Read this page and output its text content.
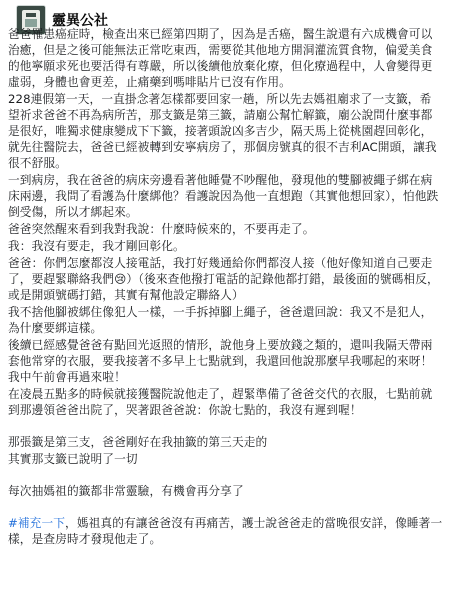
靈異公社
爸爸罹患癌症時，檢查出來已經第四期了，因為是舌癌，醫生說還有六成機會可以治癒，但是之後可能無法正常吃東西，需要從其他地方開洞灌流質食物，偏愛美食的他寧願求死也要活得有尊嚴，所以後續他放棄化療，但化療過程中，人會變得更虛弱，身體也會更差，止痛藥到嗎啡貼片已沒有作用。
228連假第一天，一直掛念著怎樣都要回家一趟，所以先去媽祖廟求了一支籤，希望祈求爸爸不再為病所苦，那支籤是第三籤，請廟公幫忙解籤，廟公說問什麼事都是很好，唯獨求健康變成下下籤，接著頭說凶多吉少，隔天馬上從桃園趕回彰化，就先往醫院去，爸爸已經被轉到安寧病房了，那個房號真的很不吉利AC開頭，讓我很不舒服。
一到病房，我在爸爸的病床旁邊看著他睡覺不吵醒他，發現他的雙腳被繩子綁在病床兩邊，我問了看護為什麼綁他？看護說因為他一直想跑（其實他想回家），怕他跌倒受傷，所以才綁起來。
爸爸突然醒來看到我對我說：什麼時候來的，不要再走了。
我：我沒有要走，我才剛回彰化。
爸爸：你們怎麼都沒人接電話，我打好幾通給你們都沒人接（他好像知道自己要走了，要趕緊聯絡我們😢）（後來查他撥打電話的記錄他都打錯，最後面的號碼相反，或是開頭號碼打錯，其實有幫他設定聯絡人）
我不捨他腳被綁住像犯人一樣，一手拆掉腳上繩子，爸爸還回說：我又不是犯人，為什麼要綁這樣。
後續已經感覺爸爸有點回光返照的情形，說他身上要放錢之類的，還叫我隔天帶兩套他常穿的衣服，要我接著不多早上七點就到，我還回他說那麼早我哪起的來呀！我中午前會再過來啦！
在凌晨五點多的時候就接獲醫院說他走了，趕緊準備了爸爸交代的衣服，七點前就到那邊領爸爸出院了，哭著跟爸爸說：你說七點的，我沒有遲到喔！
那張籤是第三支，爸爸剛好在我抽籤的第三天走的
其實那支籤已說明了一切
每次抽媽祖的籤都非常靈驗，有機會再分享了
#補充一下，媽祖真的有讓爸爸沒有再痛苦，護士說爸爸走的當晚很安詳，像睡著一樣，是查房時才發現他走了。
